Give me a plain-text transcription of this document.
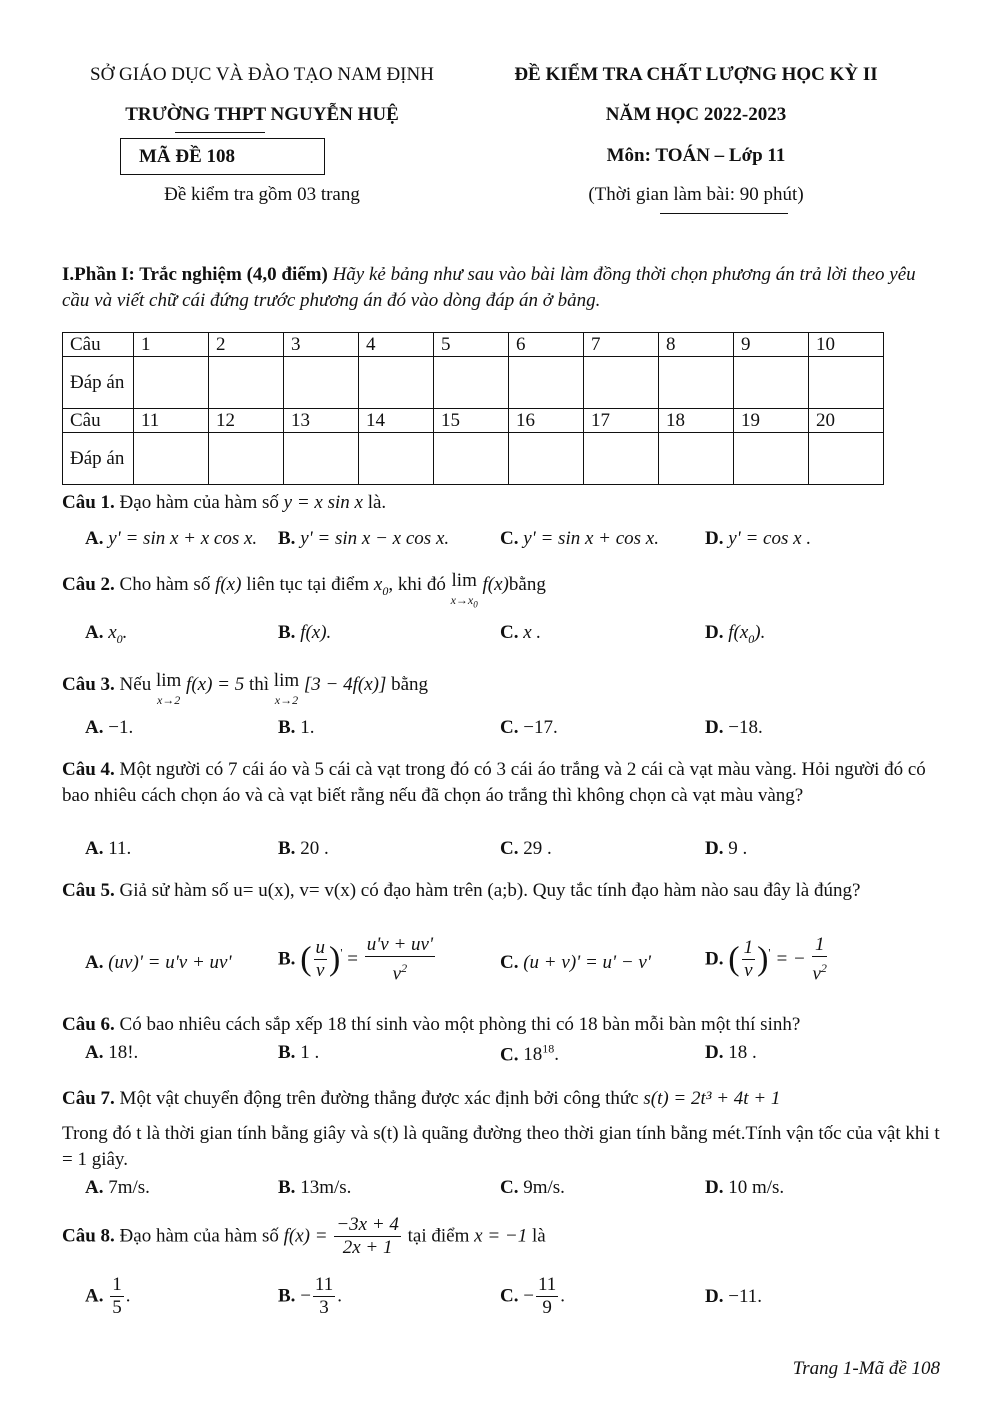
SỞ GIÁO DỤC VÀ ĐÀO TẠO NAM ĐỊNH
TRƯỜNG THPT NGUYỄN HUỆ
MÃ ĐỀ 108
Đề kiểm tra gồm 03 trang
ĐỀ KIỂM TRA CHẤT LƯỢNG HỌC KỲ II
NĂM HỌC 2022-2023
Môn: TOÁN – Lớp 11
(Thời gian làm bài: 90 phút)
I.Phần I: Trắc nghiệm (4,0 điểm) Hãy kẻ bảng như sau vào bài làm đồng thời chọn phương án trả lời theo yêu cầu và viết chữ cái đứng trước phương án đó vào dòng đáp án ở bảng.
Câu	1	2	3	4	5	6	7	8	9	10
Đáp án										
Câu	11	12	13	14	15	16	17	18	19	20
Đáp án										
Câu 1. Đạo hàm của hàm số y = x sin x là.
A. y' = sin x + x cos x. B. y' = sin x − x cos x.	C. y' = sin x + cos x. D. y' = cos x .
Câu 2. Cho hàm số f(x) liên tục tại điểm $x_0$, khi đó lim
$x\to x_0$ f(x)bằng
A. $x_0$.	B. f(x).	C. x .	D. $f(x_0)$.
Câu 3. Nếu lim
x→2 f(x) = 5 thì lim
x→2 [3 − 4f(x)] bằng
A. −1.	B. 1.	C. −17.	D. −18.
Câu 4. Một người có 7 cái áo và 5 cái cà vạt trong đó có 3 cái áo trắng và 2 cái cà vạt màu vàng. Hỏi người đó có bao nhiêu cách chọn áo và cà vạt biết rằng nếu đã chọn áo trắng thì không chọn cà vạt màu vàng?
A. 11.	B. 20 .	C. 29 .	D. 9 .
Câu 5. Giả sử hàm số u= u(x), v= v(x) có đạo hàm trên (a;b). Quy tắc tính đạo hàm nào sau đây là đúng?
A. (uv)' = u'v + uv' B. ( $\frac{u}{v} )' = \frac{u'v + uv'}{v^2}$	C. (u + v)' = u' − v'	D. ( $\frac{1}{v} )'$ = − $\frac{1}{v^2}$
Câu 6. Có bao nhiêu cách sắp xếp 18 thí sinh vào một phòng thi có 18 bàn mỗi bàn một thí sinh?
A. 18!.	B. 1 .	C. $18^{18}$.	D. 18 .
Câu 7. Một vật chuyển động trên đường thẳng được xác định bởi công thức s(t) = 2t³ + 4t + 1
Trong đó t là thời gian tính bằng giây và s(t) là quãng đường theo thời gian tính bằng mét.Tính vận tốc của vật khi t = 1 giây.
A. 7m/s.	B. 13m/s.	C. 9m/s.	D. 10 m/s.
Câu 8. Đạo hàm của hàm số $f(x) = \frac{-3x + 4}{2x + 1}$ tại điểm x = −1 là
A. $\frac{1}{5}$ .	B. − $\frac{11}{3}$ .	C. − $\frac{11}{9}$ .	D. −11.
Trang 1-Mã đề 108
